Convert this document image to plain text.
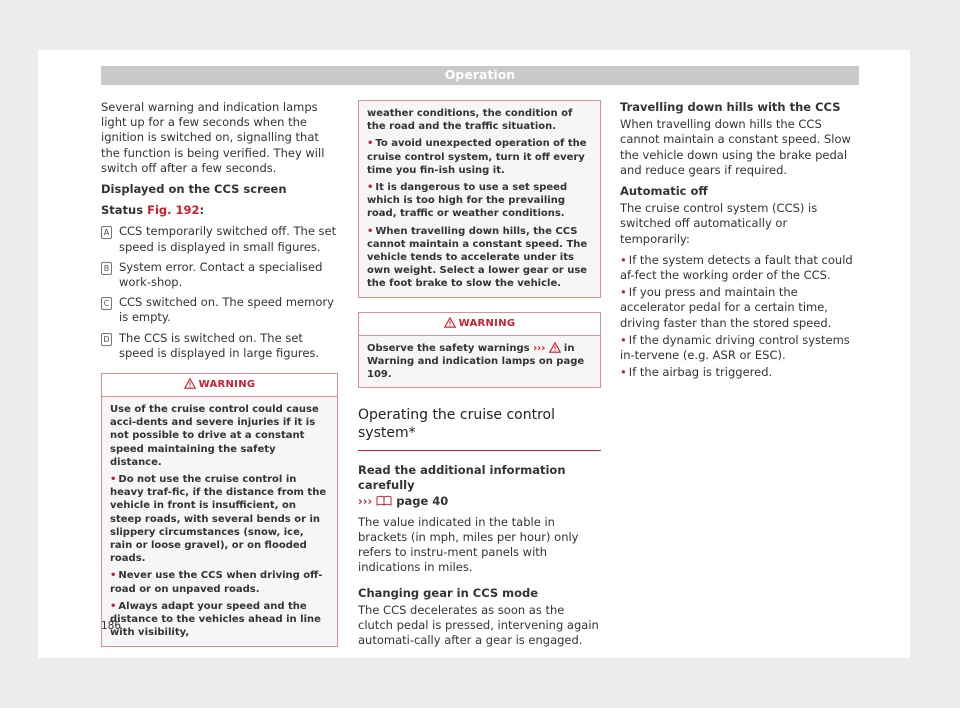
Operation

Several warning and indication lamps light up for a few seconds when the ignition is switched on, signalling that the function is being verified. They will switch off after a few seconds.

Displayed on the CCS screen

Status Fig. 192:

A CCS temporarily switched off. The set speed is displayed in small figures.
B System error. Contact a specialised work-shop.
C CCS switched on. The speed memory is empty.
D The CCS is switched on. The set speed is displayed in large figures.
WARNING

Use of the cruise control could cause acci-dents and severe injuries if it is not possible to drive at a constant speed maintaining the safety distance.

• Do not use the cruise control in heavy traf-fic, if the distance from the vehicle in front is insufficient, on steep roads, with several bends or in slippery circumstances (snow, ice, rain or loose gravel), or on flooded roads.

• Never use the CCS when driving off-road or on unpaved roads.

• Always adapt your speed and the distance to the vehicles ahead in line with visibility,

weather conditions, the condition of the road and the traffic situation.

• To avoid unexpected operation of the cruise control system, turn it off every time you fin-ish using it.

• It is dangerous to use a set speed which is too high for the prevailing road, traffic or weather conditions.

• When travelling down hills, the CCS cannot maintain a constant speed. The vehicle tends to accelerate under its own weight. Select a lower gear or use the foot brake to slow the vehicle.

WARNING

Observe the safety warnings ››› in Warning and indication lamps on page 109.

Operating the cruise control system*

Read the additional information carefully

››› page 40

The value indicated in the table in brackets (in mph, miles per hour) only refers to instru-ment panels with indications in miles.

Changing gear in CCS mode

The CCS decelerates as soon as the clutch pedal is pressed, intervening again automati-cally after a gear is engaged.

Travelling down hills with the CCS

When travelling down hills the CCS cannot maintain a constant speed. Slow the vehicle down using the brake pedal and reduce gears if required.

Automatic off

The cruise control system (CCS) is switched off automatically or temporarily:

• If the system detects a fault that could af-fect the working order of the CCS.

• If you press and maintain the accelerator pedal for a certain time, driving faster than the stored speed.

• If the dynamic driving control systems in-tervene (e.g. ASR or ESC).

• If the airbag is triggered.

186
